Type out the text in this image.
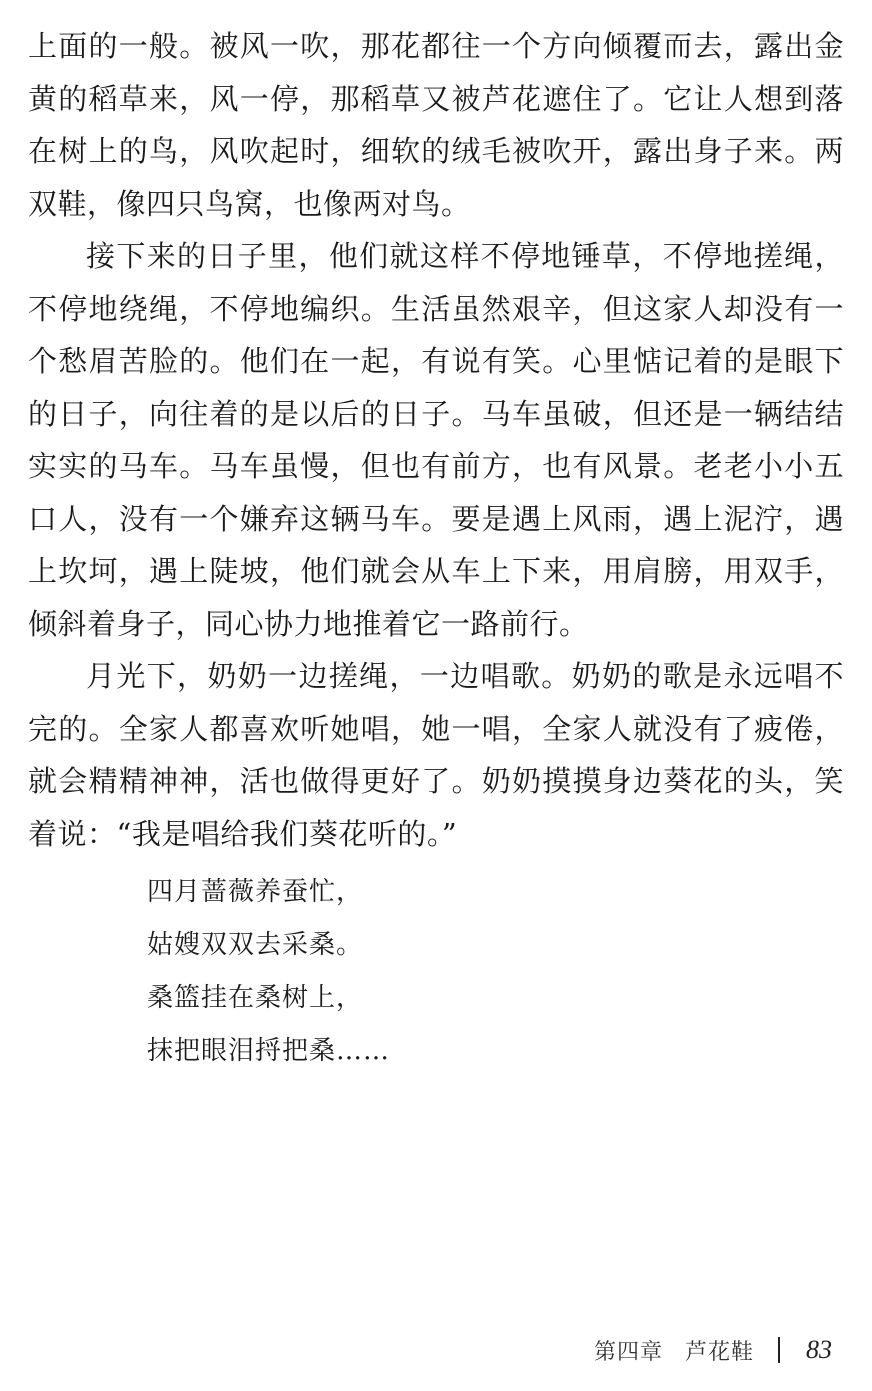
上面的一般。被风一吹，那花都往一个方向倾覆而去，露出金黄的稻草来，风一停，那稻草又被芦花遮住了。它让人想到落在树上的鸟，风吹起时，细软的绒毛被吹开，露出身子来。两双鞋，像四只鸟窝，也像两对鸟。

接下来的日子里，他们就这样不停地锤草，不停地搓绳，不停地绕绳，不停地编织。生活虽然艰辛，但这家人却没有一个愁眉苦脸的。他们在一起，有说有笑。心里惦记着的是眼下的日子，向往着的是以后的日子。马车虽破，但还是一辆结结实实的马车。马车虽慢，但也有前方，也有风景。老老小小五口人，没有一个嫌弃这辆马车。要是遇上风雨，遇上泥泞，遇上坎坷，遇上陡坡，他们就会从车上下来，用肩膀，用双手，倾斜着身子，同心协力地推着它一路前行。

月光下，奶奶一边搓绳，一边唱歌。奶奶的歌是永远唱不完的。全家人都喜欢听她唱，她一唱，全家人就没有了疲倦，就会精精神神，活也做得更好了。奶奶摸摸身边葵花的头，笑着说：“我是唱给我们葵花听的。”

四月蔷薇养蚕忙，
姑嫂双双去采桑。
桑篮挂在桑树上，
抹把眼泪捋把桑……
第四章 芦花鞋 83
